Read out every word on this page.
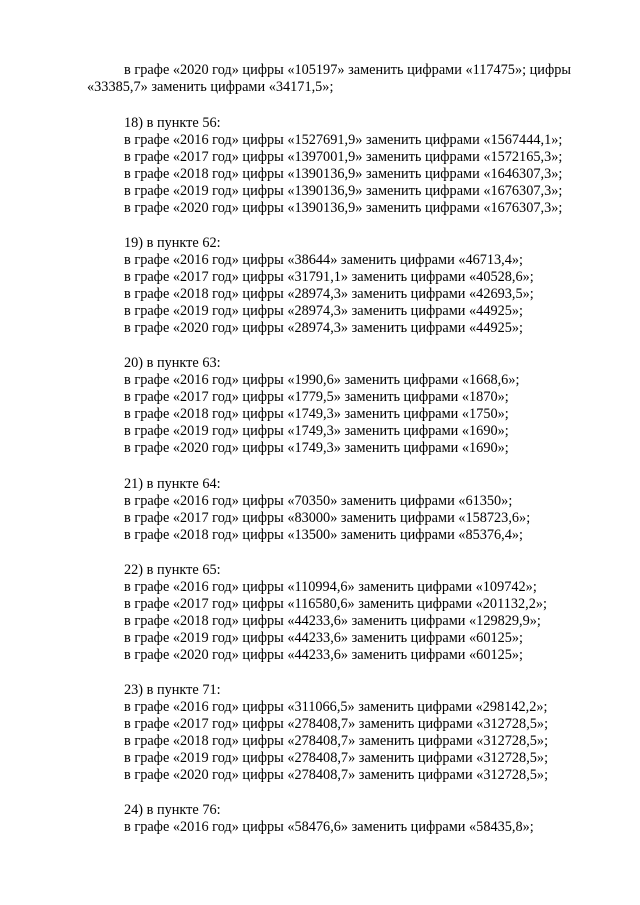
в графе «2020 год» цифры «105197» заменить цифрами «117475»; цифры
«33385,7» заменить цифрами «34171,5»;
18) в пункте 56:
в графе «2016 год» цифры «1527691,9» заменить цифрами «1567444,1»;
в графе «2017 год» цифры «1397001,9» заменить цифрами «1572165,3»;
в графе «2018 год» цифры «1390136,9» заменить цифрами «1646307,3»;
в графе «2019 год» цифры «1390136,9» заменить цифрами «1676307,3»;
в графе «2020 год» цифры «1390136,9» заменить цифрами «1676307,3»;
19) в пункте 62:
в графе «2016 год» цифры «38644» заменить цифрами «46713,4»;
в графе «2017 год» цифры «31791,1» заменить цифрами «40528,6»;
в графе «2018 год» цифры «28974,3» заменить цифрами «42693,5»;
в графе «2019 год» цифры «28974,3» заменить цифрами «44925»;
в графе «2020 год» цифры «28974,3» заменить цифрами «44925»;
20) в пункте 63:
в графе «2016 год» цифры «1990,6» заменить цифрами «1668,6»;
в графе «2017 год» цифры «1779,5» заменить цифрами «1870»;
в графе «2018 год» цифры «1749,3» заменить цифрами «1750»;
в графе «2019 год» цифры «1749,3» заменить цифрами «1690»;
в графе «2020 год» цифры «1749,3» заменить цифрами «1690»;
21) в пункте 64:
в графе «2016 год» цифры «70350» заменить цифрами «61350»;
в графе «2017 год» цифры «83000» заменить цифрами «158723,6»;
в графе «2018 год» цифры «13500» заменить цифрами «85376,4»;
22) в пункте 65:
в графе «2016 год» цифры «110994,6» заменить цифрами «109742»;
в графе «2017 год» цифры «116580,6» заменить цифрами «201132,2»;
в графе «2018 год» цифры «44233,6» заменить цифрами «129829,9»;
в графе «2019 год» цифры «44233,6» заменить цифрами «60125»;
в графе «2020 год» цифры «44233,6» заменить цифрами «60125»;
23) в пункте 71:
в графе «2016 год» цифры «311066,5» заменить цифрами «298142,2»;
в графе «2017 год» цифры «278408,7» заменить цифрами «312728,5»;
в графе «2018 год» цифры «278408,7» заменить цифрами «312728,5»;
в графе «2019 год» цифры «278408,7» заменить цифрами «312728,5»;
в графе «2020 год» цифры «278408,7» заменить цифрами «312728,5»;
24) в пункте 76:
в графе «2016 год» цифры «58476,6» заменить цифрами «58435,8»;
